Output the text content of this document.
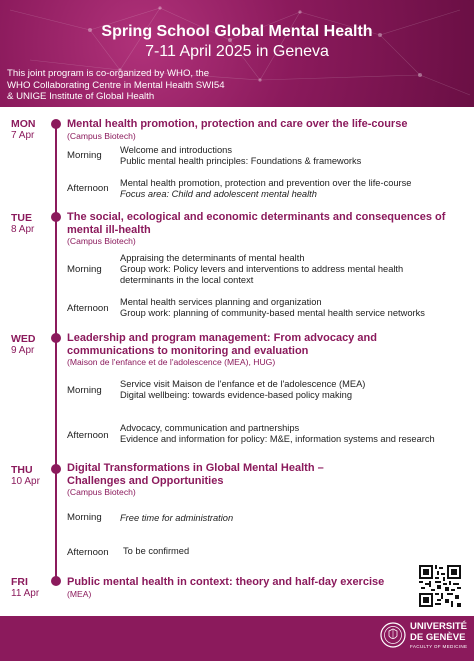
Spring School Global Mental Health
7-11 April 2025 in Geneva
This joint program is co-organized by WHO, the
WHO Collaborating Centre in Mental Health SWI54
& UNIGE Institute of Global Health
MON
7 Apr
Mental health promotion, protection and care over the life-course
(Campus Biotech)
Morning Welcome and introductions
Public mental health principles: Foundations & frameworks
Afternoon Mental health promotion, protection and prevention over the life-course
Focus area: Child and adolescent mental health
TUE
8 Apr
The social, ecological and economic determinants and consequences of
mental ill-health
(Campus Biotech)
Morning
Appraising the determinants of mental health
Group work: Policy levers and interventions to address mental health
determinants in the local context
Afternoon
Mental health services planning and organization
Group work: planning of community-based mental health service networks
WED
9 Apr
Leadership and program management: From advocacy and
communications to monitoring and evaluation
(Maison de l'enfance et de l'adolescence (MEA), HUG)
Morning
Service visit Maison de l'enfance et de l'adolescence (MEA)
Digital wellbeing: towards evidence-based policy making
Afternoon
Advocacy, communication and partnerships
Evidence and information for policy: M&E, information systems and research
THU
10 Apr
Digital Transformations in Global Mental Health –
Challenges and Opportunities
(Campus Biotech)
Morning Free time for administration
Afternoon To be confirmed
FRI
11 Apr
Public mental health in context: theory and half-day exercise
(MEA)
UNIVERSITÉ
DE GENÈVE
FACULTY OF MEDICINE
